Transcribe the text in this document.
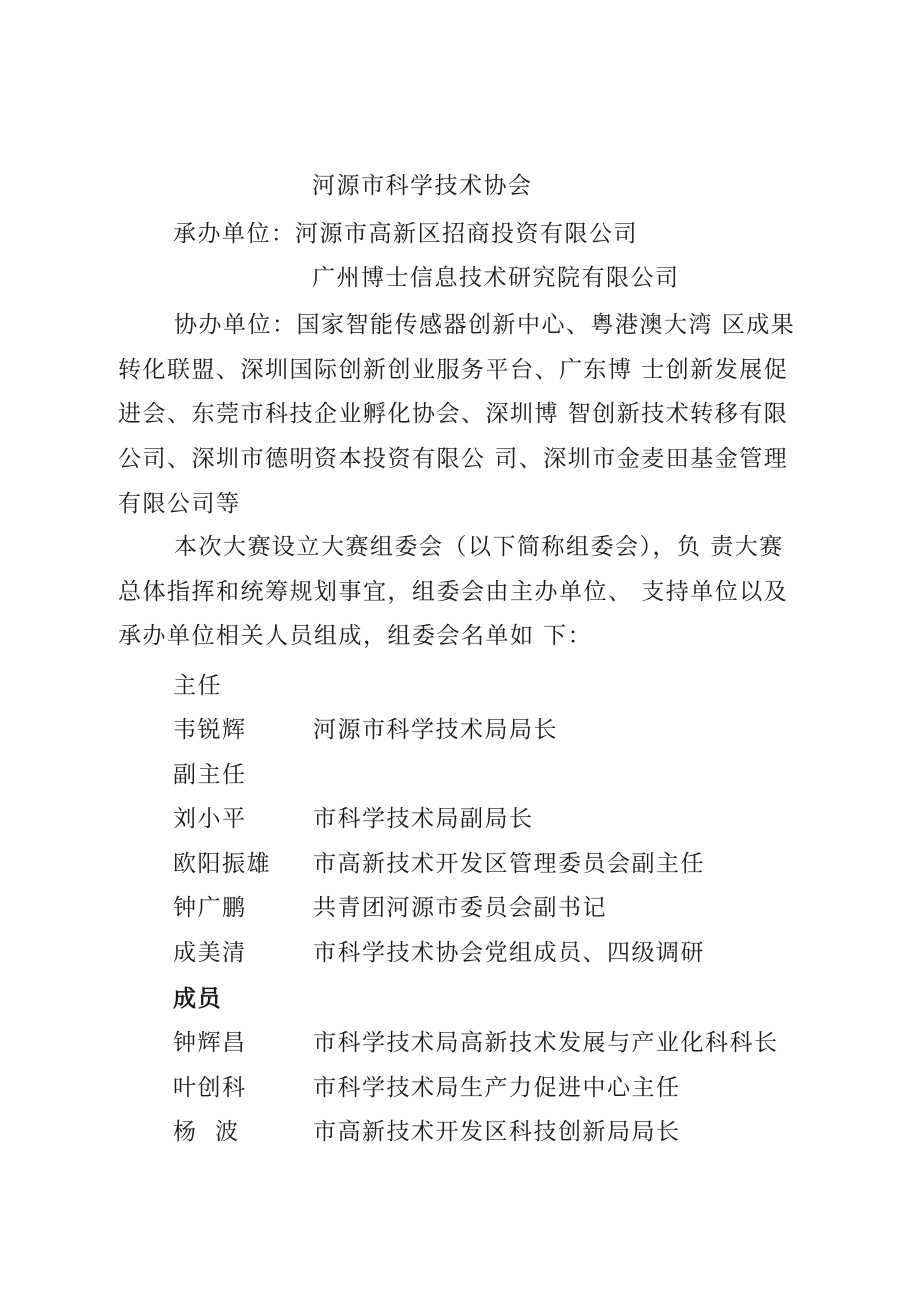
河源市科学技术协会
承办单位： 河源市高新区招商投资有限公司
广州博士信息技术研究院有限公司
协办单位：国家智能传感器创新中心、粤港澳大湾 区成果转化联盟、深圳国际创新创业服务平台、广东博 士创新发展促进会、东莞市科技企业孵化协会、深圳博 智创新技术转移有限公司、深圳市德明资本投资有限公 司、深圳市金麦田基金管理有限公司等
本次大赛设立大赛组委会（以下简称组委会），负 责大赛总体指挥和统筹规划事宜，组委会由主办单位、 支持单位以及承办单位相关人员组成，组委会名单如 下：
主任
韦锐辉	河源市科学技术局局长
副主任
刘小平	市科学技术局副局长
欧阳振雄 市高新技术开发区管理委员会副主任
钟广鹏	共青团河源市委员会副书记
成美清	市科学技术协会党组成员、四级调研
成员
钟辉昌	市科学技术局高新技术发展与产业化科科长
叶创科	市科学技术局生产力促进中心主任
杨  波	市高新技术开发区科技创新局局长
